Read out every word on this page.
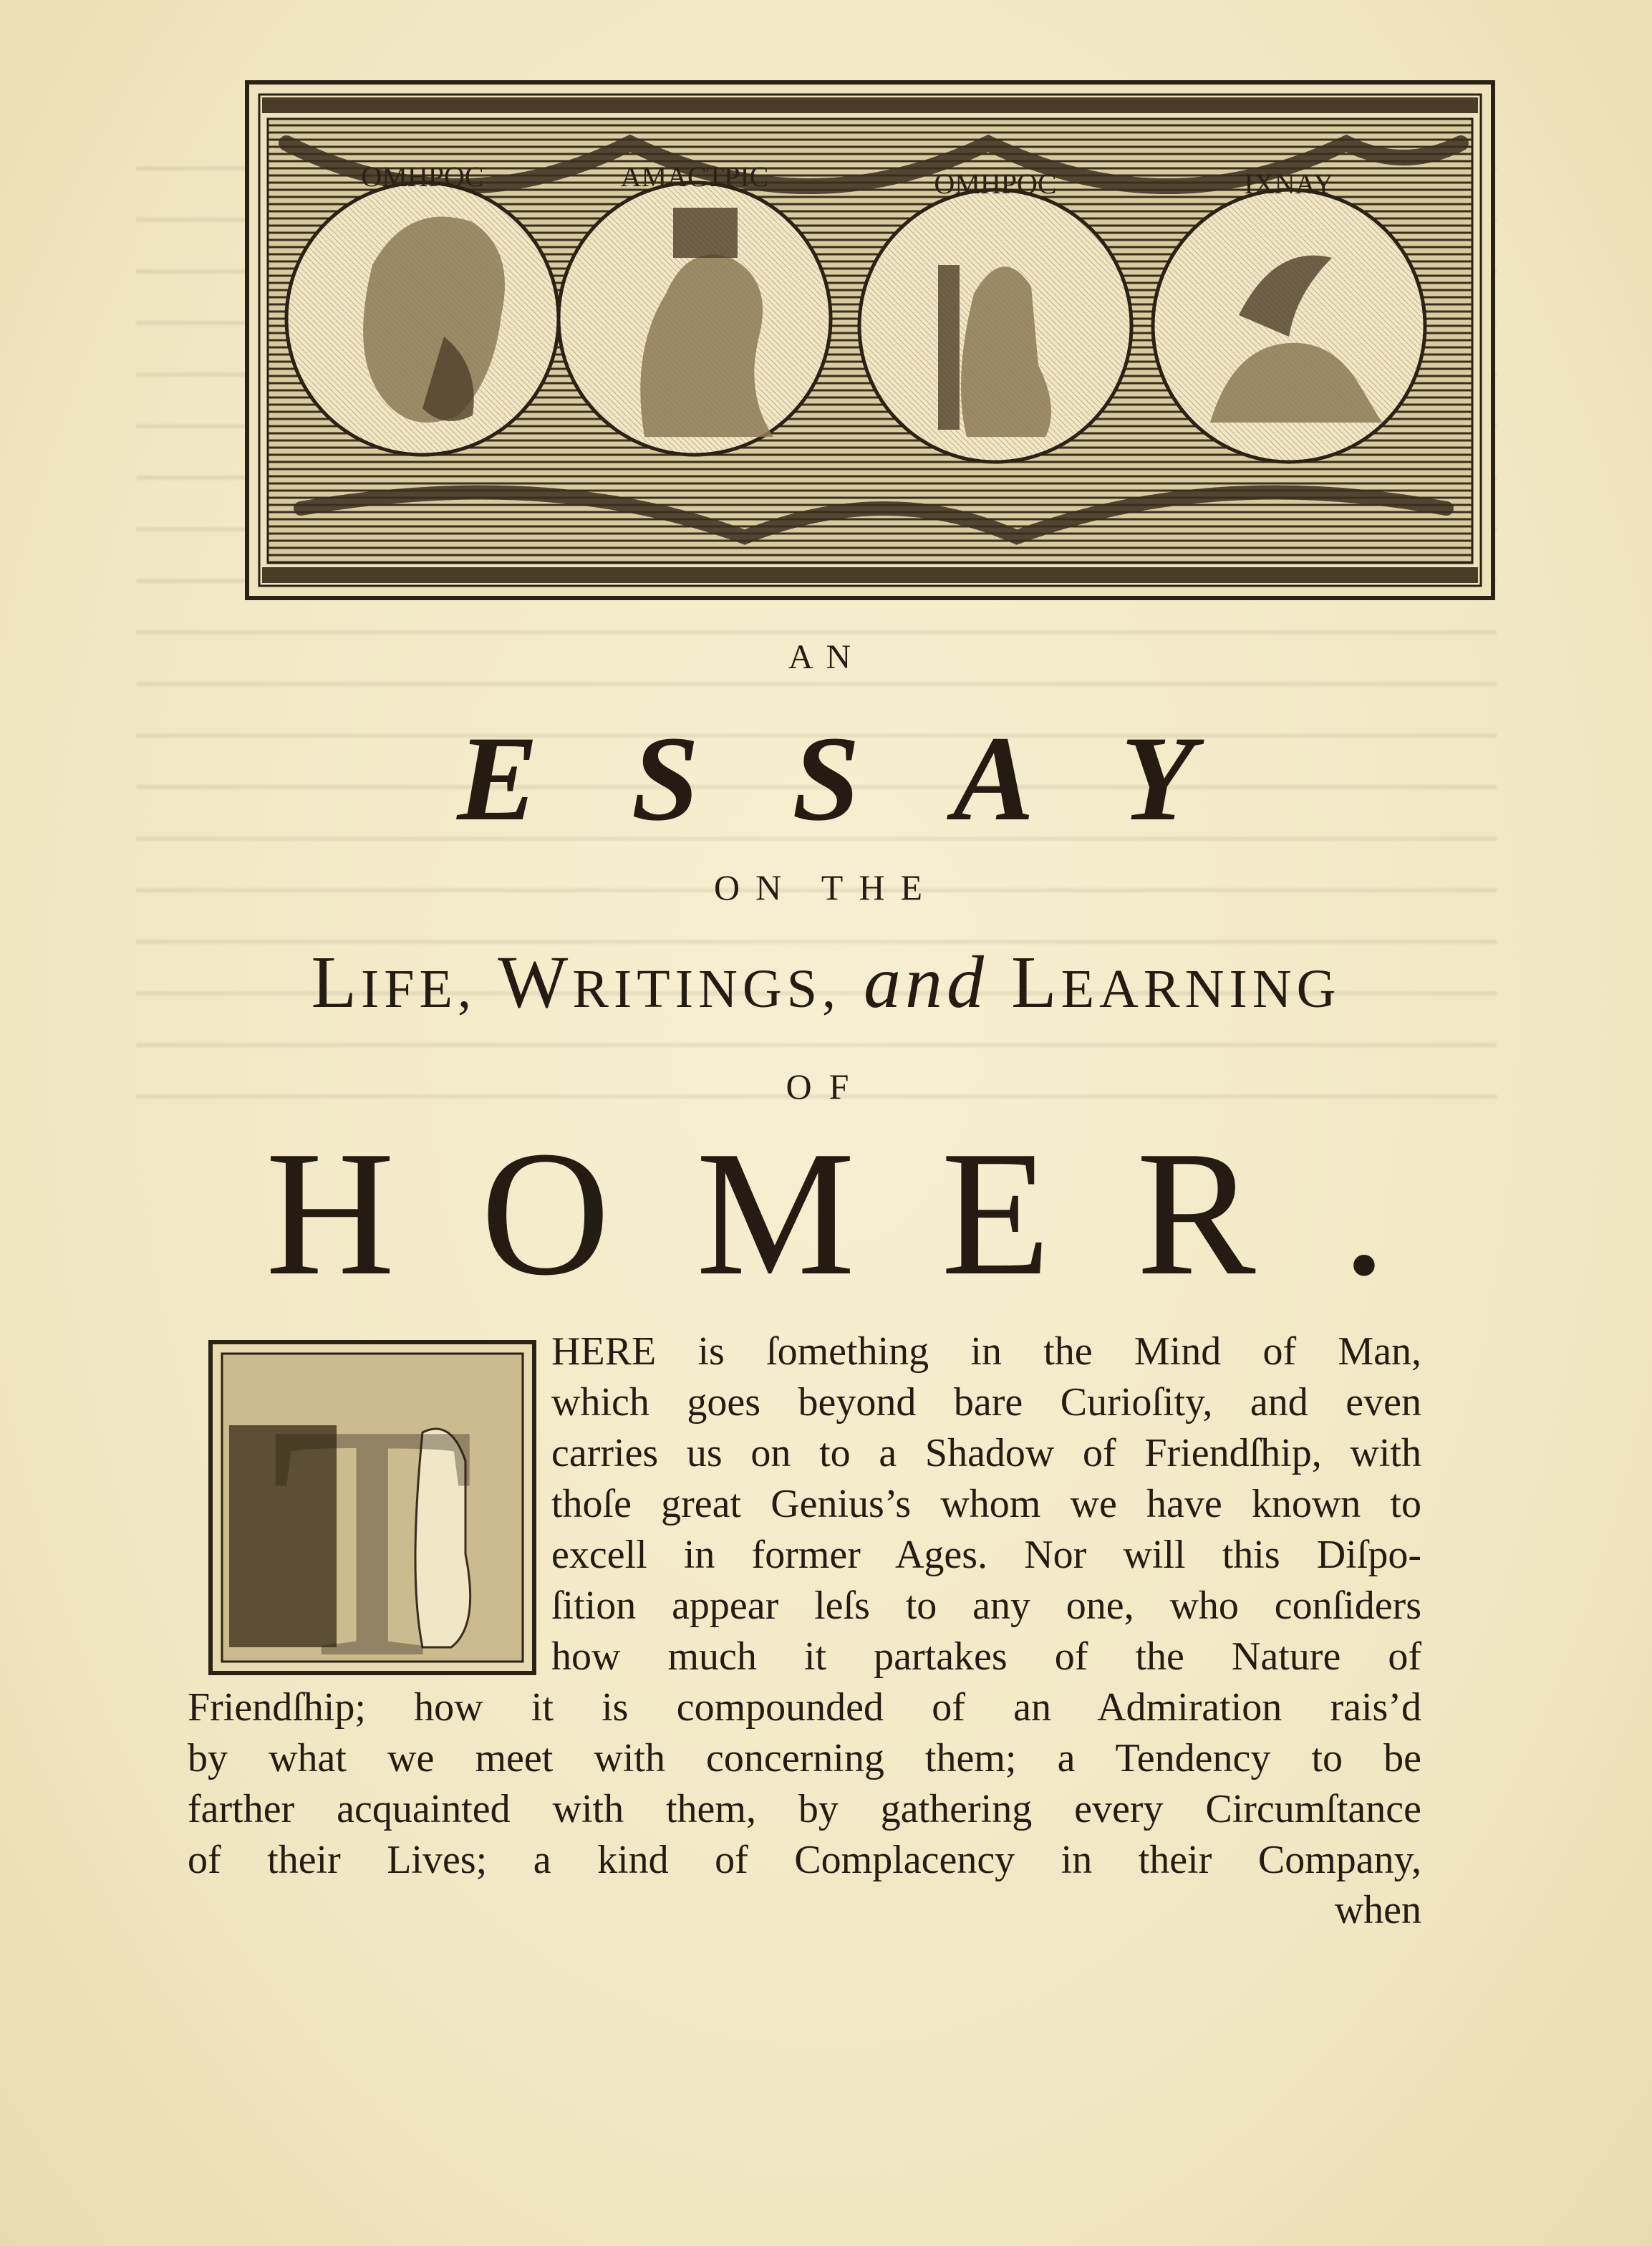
OMHPOC	AMACTPIC	OMHPOC	IXNAY
AN
ESSAY
ON THE
LIFE, WRITINGS, and LEARNING
OF
HOMER.
T

HERE is ſomething in the Mind of Man,
which goes beyond bare Curioſity, and even
carries us on to a Shadow of Friendſhip, with
thoſe great Genius’s whom we have known to
excell in former Ages. Nor will this Diſpo-
ſition appear leſs to any one, who conſiders
how much it partakes of the Nature of

Friendſhip; how it is compounded of an Admiration rais’d
by what we meet with concerning them; a Tendency to be
farther acquainted with them, by gathering every Circumſtance
of their Lives; a kind of Complacency in their Company,

when
